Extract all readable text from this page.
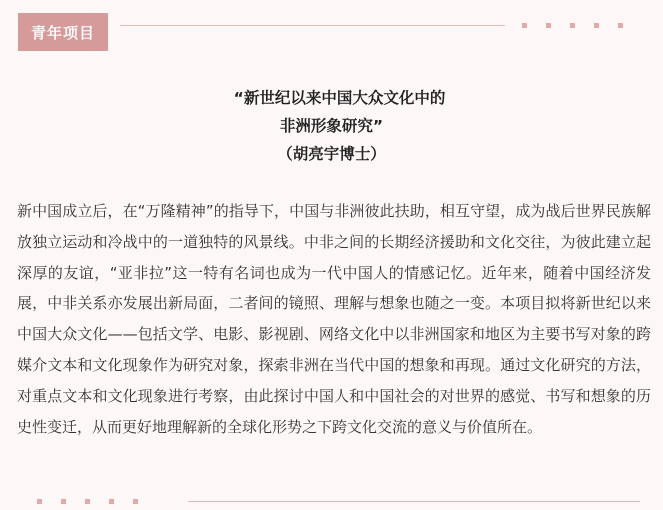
青年项目
“新世纪以来中国大众文化中的
非洲形象研究”
（胡亮宇博士）

新中国成立后，在“万隆精神”的指导下，中国与非洲彼此扶助，相互守望，成为战后世界民族解放独立运动和冷战中的一道独特的风景线。中非之间的长期经济援助和文化交往，为彼此建立起深厚的友谊，“亚非拉”这一特有名词也成为一代中国人的情感记忆。近年来，随着中国经济发展，中非关系亦发展出新局面，二者间的镜照、理解与想象也随之一变。本项目拟将新世纪以来中国大众文化——包括文学、电影、影视剧、网络文化中以非洲国家和地区为主要书写对象的跨媒介文本和文化现象作为研究对象，探索非洲在当代中国的想象和再现。通过文化研究的方法，对重点文本和文化现象进行考察，由此探讨中国人和中国社会的对世界的感觉、书写和想象的历史性变迁，从而更好地理解新的全球化形势之下跨文化交流的意义与价值所在。
